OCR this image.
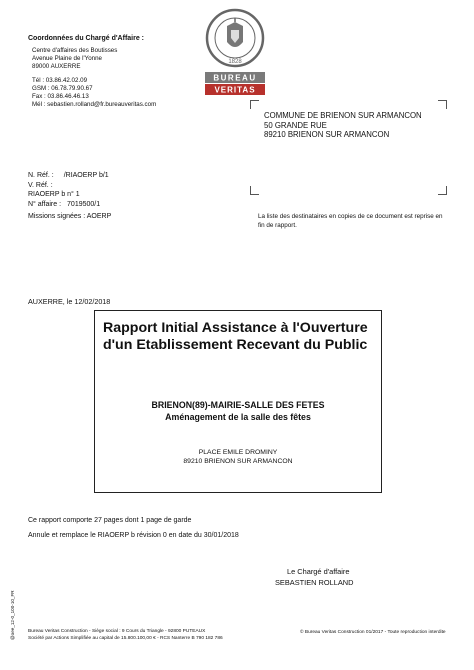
Coordonnées du Chargé d'Affaire :
Centre d'affaires des Boutisses
Avenue Plaine de l'Yonne
89000 AUXERRE
Tél : 03.86.42.02.09
GSM : 06.78.79.90.67
Fax : 03.86.46.46.13
Mél : sebastien.rolland@fr.bureauveritas.com
1828
BUREAU
VERITAS
COMMUNE DE BRIENON SUR ARMANCON
50 GRANDE RUE
89210 BRIENON SUR ARMANCON
N. Réf. : /RIAOERP b/1
V. Réf. :
RIAOERP b n° 1
N° affaire : 7019500/1
Missions signées : AOERP	La liste des destinataires en copies de ce document est reprise en fin de rapport.
AUXERRE, le 12/02/2018
Rapport Initial Assistance à l'Ouverture d'un Etablissement Recevant du Public
BRIENON(89)-MAIRIE-SALLE DES FETES
Aménagement de la salle des fêtes
PLACE EMILE DROMINY
89210 BRIENON SUR ARMANCON
Ce rapport comporte 27 pages dont 1 page de garde
Annule et remplace le RIAOERP b révision 0 en date du 30/01/2018
Le Chargé d'affaire
SEBASTIEN ROLLAND
@oee_12-0_100-10_FR	Bureau Veritas Construction - Siège social : 9 Cours du Triangle - 92800 PUTEAUX
Société par Actions Simplifiée au capital de 15.800.100,00 € - RCS Nanterre B 790 182 786
© Bureau Veritas Construction 01/2017 - Toute reproduction interdite
